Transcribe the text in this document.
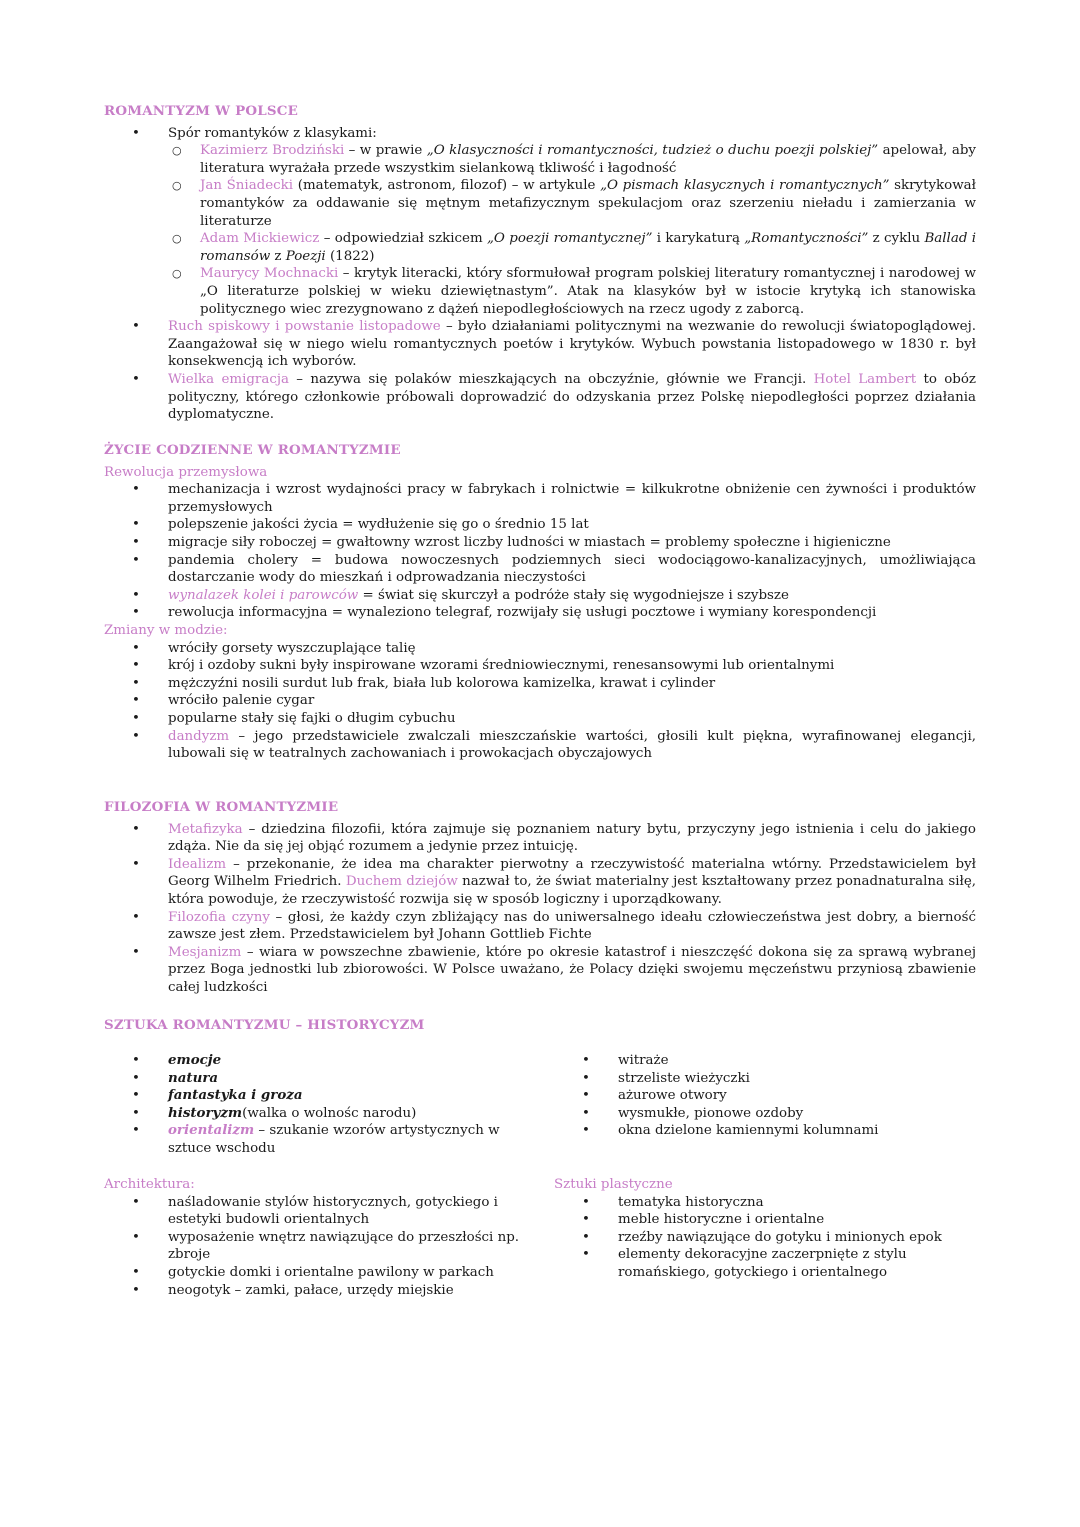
ROMANTYZM W POLSCE
• Spór romantyków z klasykami:
○ Kazimierz Brodziński – w prawie „O klasyczności i romantyczności, tudzież o duchu poezji polskiej” apelował, aby literatura wyrażała przede wszystkim sielankową tkliwość i łagodność
○ Jan Śniadecki (matematyk, astronom, filozof) – w artykule „O pismach klasycznych i romantycznych” skrytykował romantyków za oddawanie się mętnym metafizycznym spekulacjom oraz szerzeniu nieładu i zamierzania w literaturze
○ Adam Mickiewicz – odpowiedział szkicem „O poezji romantycznej” i karykaturą „Romantyczności” z cyklu Ballad i romansów z Poezji (1822)
○ Maurycy Mochnacki – krytyk literacki, który sformułował program polskiej literatury romantycznej i narodowej w „O literaturze polskiej w wieku dziewiętnastym”. Atak na klasyków był w istocie krytyką ich stanowiska politycznego wiec zrezygnowano z dążeń niepodległościowych na rzecz ugody z zaborcą.
• Ruch spiskowy i powstanie listopadowe – było działaniami politycznymi na wezwanie do rewolucji światopoglądowej. Zaangażował się w niego wielu romantycznych poetów i krytyków. Wybuch powstania listopadowego w 1830 r. był konsekwencją ich wyborów.
• Wielka emigracja – nazywa się polaków mieszkających na obczyźnie, głównie we Francji. Hotel Lambert to obóz polityczny, którego członkowie próbowali doprowadzić do odzyskania przez Polskę niepodległości poprzez działania dyplomatyczne.
ŻYCIE CODZIENNE W ROMANTYZMIE
Rewolucja przemysłowa
• mechanizacja i wzrost wydajności pracy w fabrykach i rolnictwie = kilkukrotne obniżenie cen żywności i produktów przemysłowych
• polepszenie jakości życia = wydłużenie się go o średnio 15 lat
• migracje siły roboczej = gwałtowny wzrost liczby ludności w miastach = problemy społeczne i higieniczne
• pandemia cholery = budowa nowoczesnych podziemnych sieci wodociągowo-kanalizacyjnych, umożliwiająca dostarczanie wody do mieszkań i odprowadzania nieczystości
• wynalazek kolei i parowców = świat się skurczył a podróże stały się wygodniejsze i szybsze
• rewolucja informacyjna = wynaleziono telegraf, rozwijały się usługi pocztowe i wymiany korespondencji
Zmiany w modzie:
• wróciły gorsety wyszczuplające talię
• krój i ozdoby sukni były inspirowane wzorami średniowiecznymi, renesansowymi lub orientalnymi
• mężczyźni nosili surdut lub frak, biała lub kolorowa kamizelka, krawat i cylinder
• wróciło palenie cygar
• popularne stały się fajki o długim cybuchu
• dandyzm – jego przedstawiciele zwalczali mieszczańskie wartości, głosili kult piękna, wyrafinowanej elegancji, lubowali się w teatralnych zachowaniach i prowokacjach obyczajowych
FILOZOFIA W ROMANTYZMIE
• Metafizyka – dziedzina filozofii, która zajmuje się poznaniem natury bytu, przyczyny jego istnienia i celu do jakiego zdąża. Nie da się jej objąć rozumem a jedynie przez intuicję.
• Idealizm – przekonanie, że idea ma charakter pierwotny a rzeczywistość materialna wtórny. Przedstawicielem był Georg Wilhelm Friedrich. Duchem dziejów nazwał to, że świat materialny jest kształtowany przez ponadnaturalna siłę, która powoduje, że rzeczywistość rozwija się w sposób logiczny i uporządkowany.
• Filozofia czyny – głosi, że każdy czyn zbliżający nas do uniwersalnego ideału człowieczeństwa jest dobry, a bierność zawsze jest złem. Przedstawicielem był Johann Gottlieb Fichte
• Mesjanizm – wiara w powszechne zbawienie, które po okresie katastrof i nieszczęść dokona się za sprawą wybranej przez Boga jednostki lub zbiorowości. W Polsce uważano, że Polacy dzięki swojemu męczeństwu przyniosą zbawienie całej ludzkości
SZTUKA ROMANTYZMU – HISTORYCYZM
• emocje
• natura
• fantastyka i groza
• historyzm(walka o wolnośc narodu)
• orientalizm – szukanie wzorów artystycznych w sztuce wschodu
• witraże
• strzeliste wieżyczki
• ażurowe otwory
• wysmukłe, pionowe ozdoby
• okna dzielone kamiennymi kolumnami
Architektura:
• naśladowanie stylów historycznych, gotyckiego i estetyki budowli orientalnych
• wyposażenie wnętrz nawiązujące do przeszłości np. zbroje
• gotyckie domki i orientalne pawilony w parkach
• neogotyk – zamki, pałace, urzędy miejskie
Sztuki plastyczne
• tematyka historyczna
• meble historyczne i orientalne
• rzeźby nawiązujące do gotyku i minionych epok
• elementy dekoracyjne zaczerpnięte z stylu romańskiego, gotyckiego i orientalnego
